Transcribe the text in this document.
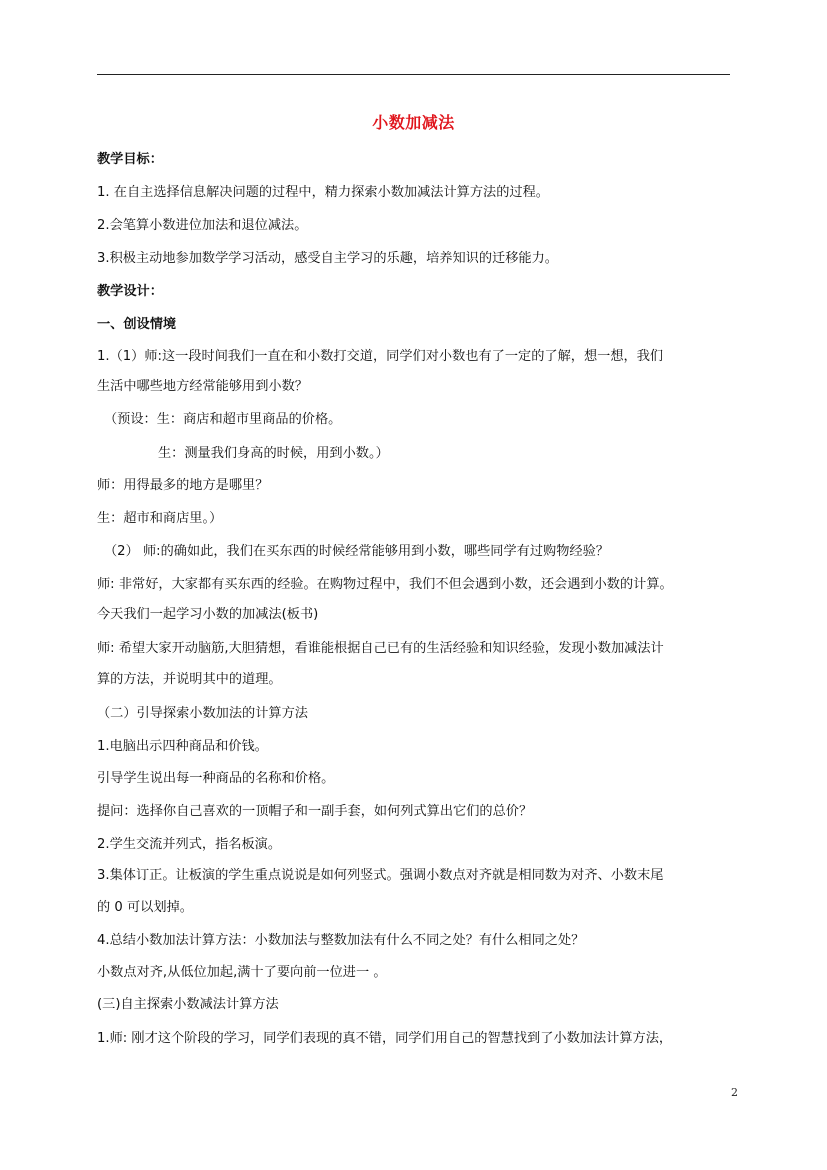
小数加减法
教学目标：
1. 在自主选择信息解决问题的过程中，精力探索小数加减法计算方法的过程。
2.会笔算小数进位加法和退位减法。
3.积极主动地参加数学学习活动，感受自主学习的乐趣，培养知识的迁移能力。
教学设计：
一、创设情境
1.（1）师:这一段时间我们一直在和小数打交道，同学们对小数也有了一定的了解，想一想，我们
生活中哪些地方经常能够用到小数？
（预设：生：商店和超市里商品的价格。
生：测量我们身高的时候，用到小数。）
师：用得最多的地方是哪里？
生：超市和商店里。）
（2） 师:的确如此，我们在买东西的时候经常能够用到小数，哪些同学有过购物经验？
师: 非常好，大家都有买东西的经验。在购物过程中，我们不但会遇到小数，还会遇到小数的计算。
今天我们一起学习小数的加减法(板书)
师: 希望大家开动脑筋,大胆猜想，看谁能根据自己已有的生活经验和知识经验，发现小数加减法计
算的方法，并说明其中的道理。
（二）引导探索小数加法的计算方法
1.电脑出示四种商品和价钱。
引导学生说出每一种商品的名称和价格。
提问：选择你自己喜欢的一顶帽子和一副手套，如何列式算出它们的总价？
2.学生交流并列式，指名板演。
3.集体订正。让板演的学生重点说说是如何列竖式。强调小数点对齐就是相同数为对齐、小数末尾
的 0 可以划掉。
4.总结小数加法计算方法：小数加法与整数加法有什么不同之处？有什么相同之处？
小数点对齐,从低位加起,满十了要向前一位进一 。
(三)自主探索小数减法计算方法
1.师: 刚才这个阶段的学习，同学们表现的真不错，同学们用自己的智慧找到了小数加法计算方法，
2
